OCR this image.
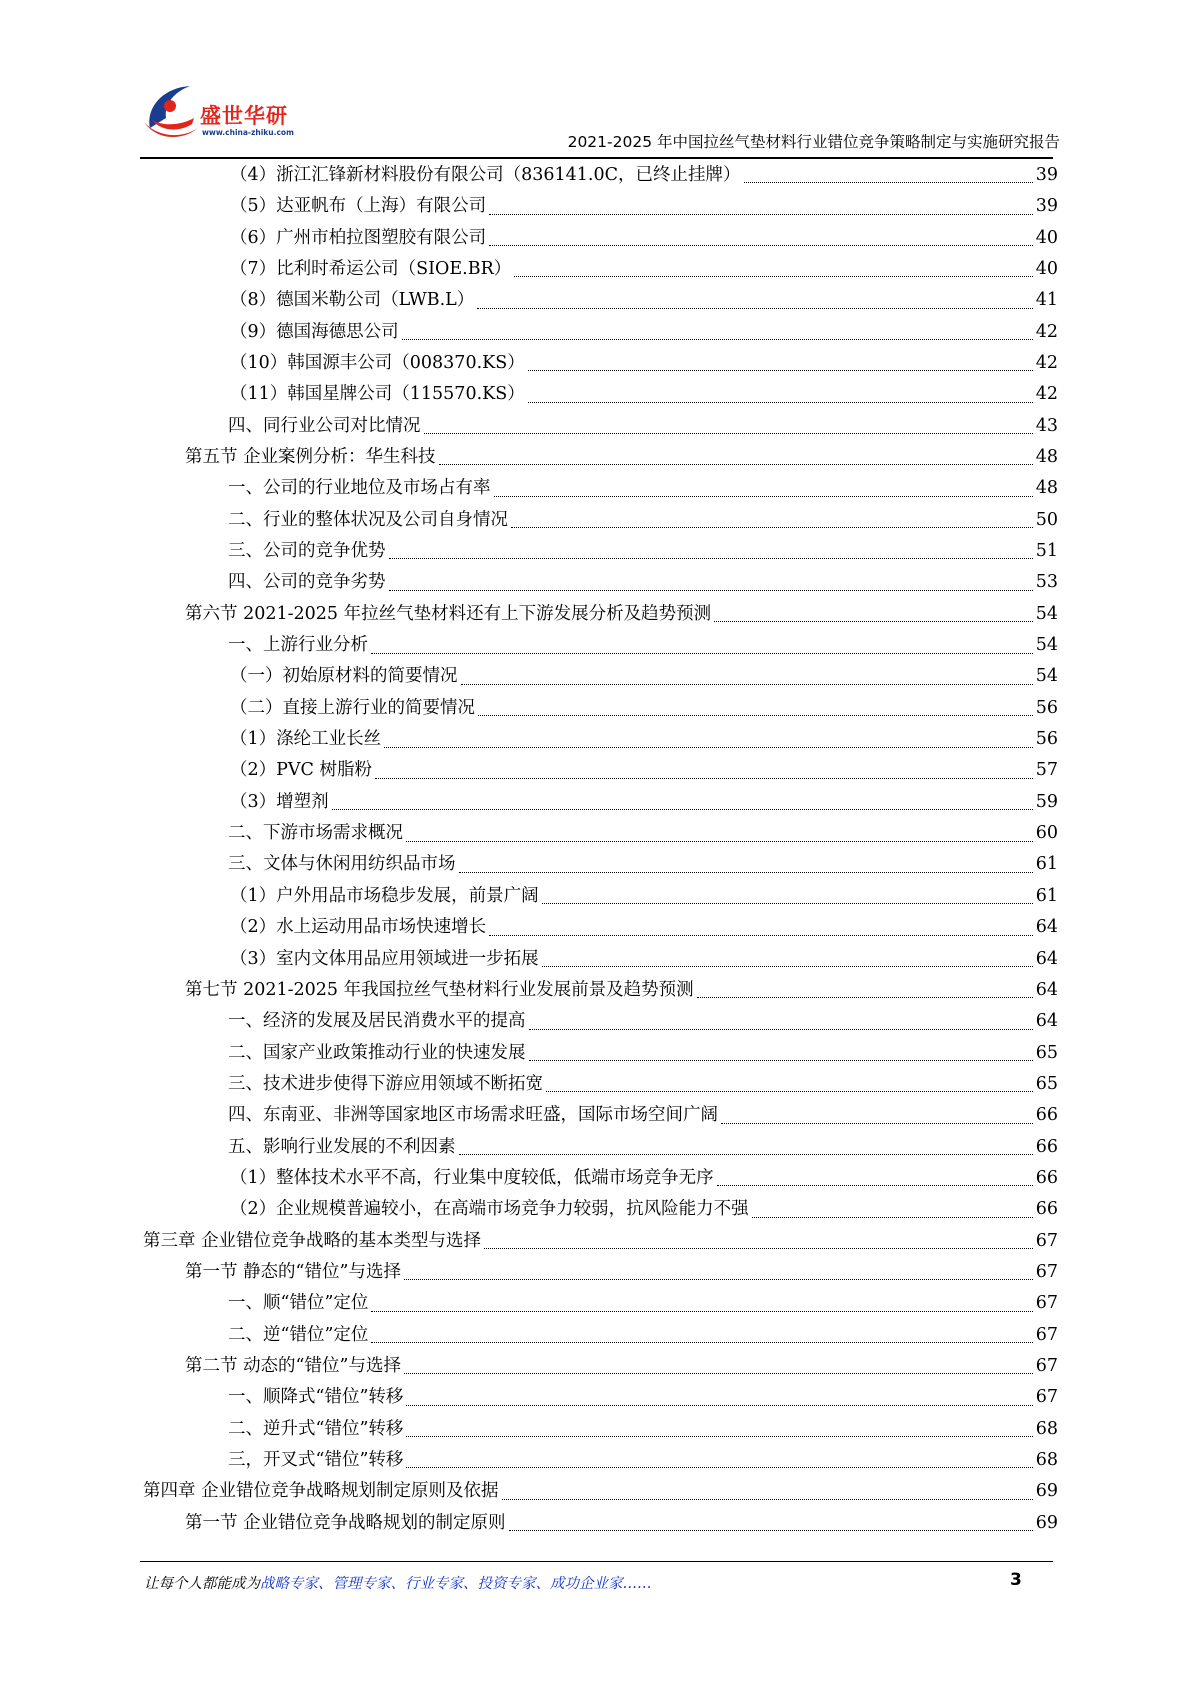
盛世华研
www.china-zhiku.com
2021-2025 年中国拉丝气垫材料行业错位竞争策略制定与实施研究报告
（4）浙江汇锋新材料股份有限公司（836141.0C，已终止挂牌）	39
（5）达亚帆布（上海）有限公司	39
（6）广州市柏拉图塑胶有限公司	40
（7）比利时希运公司（SIOE.BR）	40
（8）德国米勒公司（LWB.L）	41
（9）德国海德思公司	42
（10）韩国源丰公司（008370.KS）	42
（11）韩国星牌公司（115570.KS）	42
四、同行业公司对比情况	43
第五节 企业案例分析：华生科技	48
一、公司的行业地位及市场占有率	48
二、行业的整体状况及公司自身情况	50
三、公司的竞争优势	51
四、公司的竞争劣势	53
第六节 2021-2025 年拉丝气垫材料还有上下游发展分析及趋势预测	54
一、上游行业分析	54
（一）初始原材料的简要情况	54
（二）直接上游行业的简要情况	56
（1）涤纶工业长丝	56
（2）PVC 树脂粉	57
（3）增塑剂	59
二、下游市场需求概况	60
三、文体与休闲用纺织品市场	61
（1）户外用品市场稳步发展，前景广阔	61
（2）水上运动用品市场快速增长	64
（3）室内文体用品应用领域进一步拓展	64
第七节 2021-2025 年我国拉丝气垫材料行业发展前景及趋势预测	64
一、经济的发展及居民消费水平的提高	64
二、国家产业政策推动行业的快速发展	65
三、技术进步使得下游应用领域不断拓宽	65
四、东南亚、非洲等国家地区市场需求旺盛，国际市场空间广阔	66
五、影响行业发展的不利因素	66
（1）整体技术水平不高，行业集中度较低，低端市场竞争无序	66
（2）企业规模普遍较小，在高端市场竞争力较弱，抗风险能力不强	66
第三章 企业错位竞争战略的基本类型与选择	67
第一节 静态的“错位”与选择	67
一、顺“错位”定位	67
二、逆“错位”定位	67
第二节 动态的“错位”与选择	67
一、顺降式“错位”转移	67
二、逆升式“错位”转移	68
三，开叉式“错位”转移	68
第四章 企业错位竞争战略规划制定原则及依据	69
第一节 企业错位竞争战略规划的制定原则	69
让每个人都能成为战略专家、管理专家、行业专家、投资专家、成功企业家……	3
